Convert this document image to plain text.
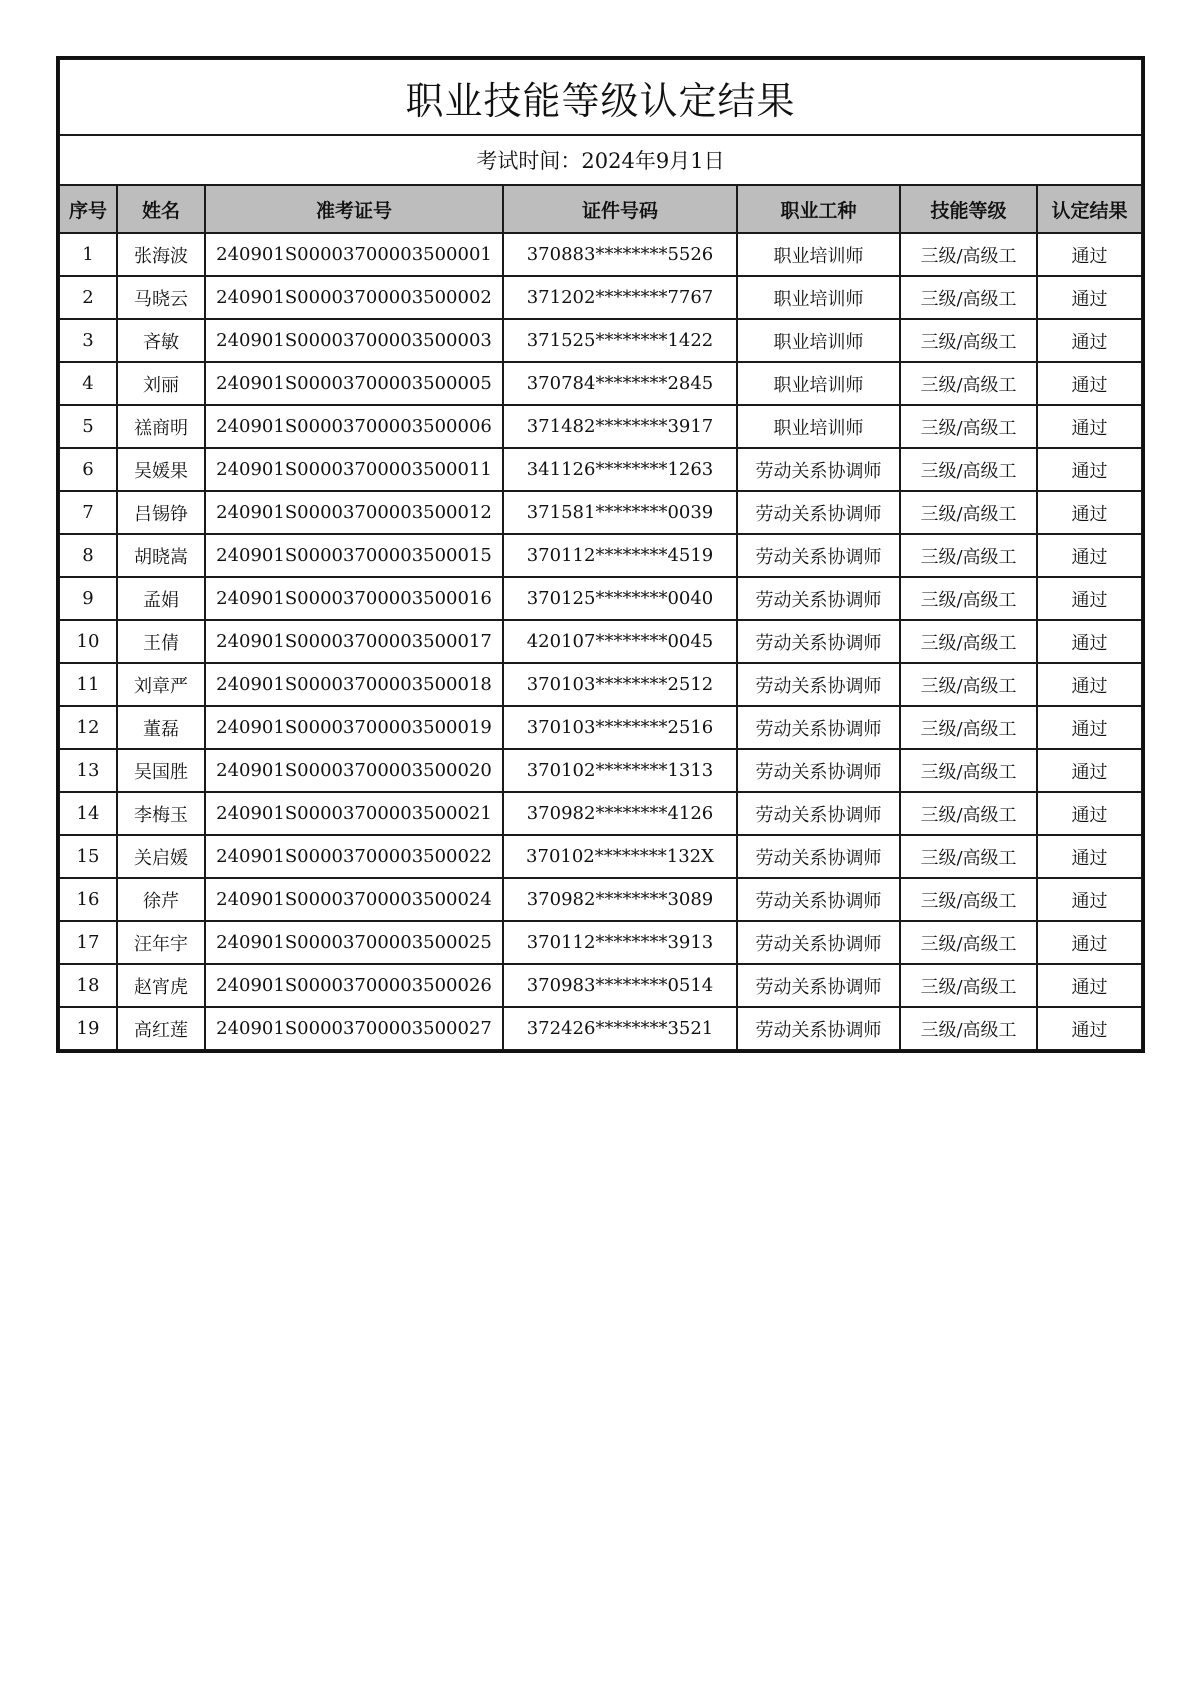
职业技能等级认定结果						
考试时间：2024年9月1日						
序号	姓名	准考证号	证件号码	职业工种	技能等级	认定结果
1	张海波	240901S00003700003500001	370883********5526	职业培训师	三级/高级工	通过
2	马晓云	240901S00003700003500002	371202********7767	职业培训师	三级/高级工	通过
3	吝敏	240901S00003700003500003	371525********1422	职业培训师	三级/高级工	通过
4	刘丽	240901S00003700003500005	370784********2845	职业培训师	三级/高级工	通过
5	禚商明	240901S00003700003500006	371482********3917	职业培训师	三级/高级工	通过
6	吴媛果	240901S00003700003500011	341126********1263	劳动关系协调师	三级/高级工	通过
7	吕锡铮	240901S00003700003500012	371581********0039	劳动关系协调师	三级/高级工	通过
8	胡晓嵩	240901S00003700003500015	370112********4519	劳动关系协调师	三级/高级工	通过
9	孟娟	240901S00003700003500016	370125********0040	劳动关系协调师	三级/高级工	通过
10	王倩	240901S00003700003500017	420107********0045	劳动关系协调师	三级/高级工	通过
11	刘章严	240901S00003700003500018	370103********2512	劳动关系协调师	三级/高级工	通过
12	董磊	240901S00003700003500019	370103********2516	劳动关系协调师	三级/高级工	通过
13	吴国胜	240901S00003700003500020	370102********1313	劳动关系协调师	三级/高级工	通过
14	李梅玉	240901S00003700003500021	370982********4126	劳动关系协调师	三级/高级工	通过
15	关启媛	240901S00003700003500022	370102********132X	劳动关系协调师	三级/高级工	通过
16	徐芹	240901S00003700003500024	370982********3089	劳动关系协调师	三级/高级工	通过
17	汪年宇	240901S00003700003500025	370112********3913	劳动关系协调师	三级/高级工	通过
18	赵宵虎	240901S00003700003500026	370983********0514	劳动关系协调师	三级/高级工	通过
19	高红莲	240901S00003700003500027	372426********3521	劳动关系协调师	三级/高级工	通过
